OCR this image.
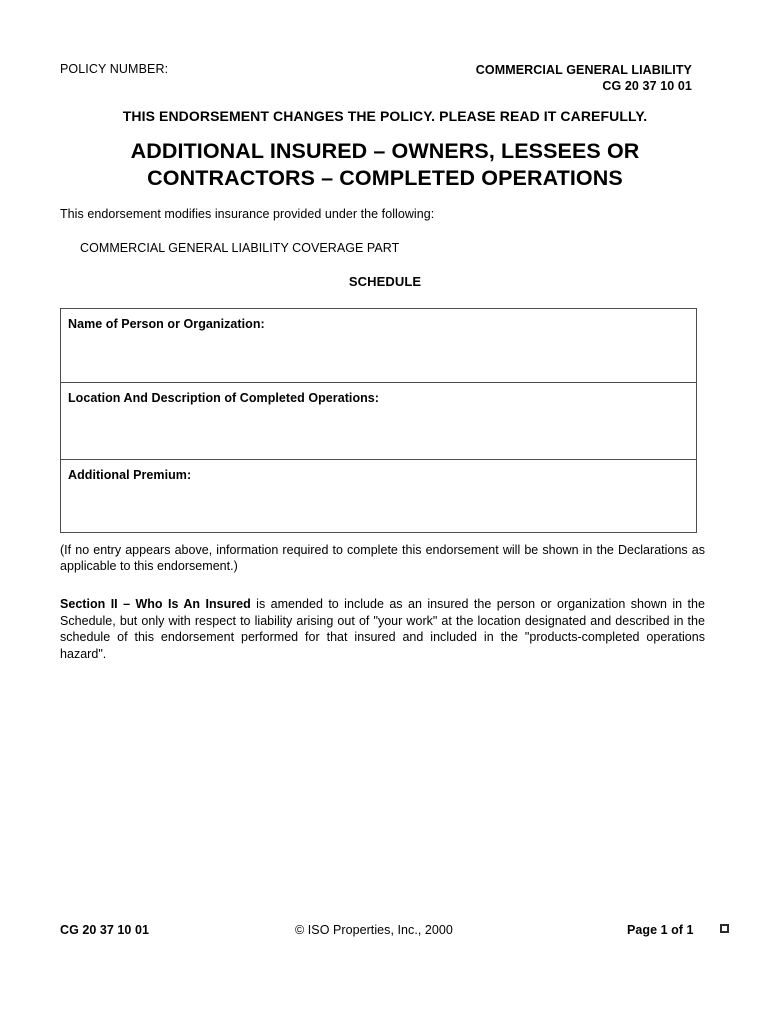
POLICY NUMBER:	COMMERCIAL GENERAL LIABILITY
CG 20 37 10 01
THIS ENDORSEMENT CHANGES THE POLICY. PLEASE READ IT CAREFULLY.
ADDITIONAL INSURED – OWNERS, LESSEES OR
CONTRACTORS – COMPLETED OPERATIONS
This endorsement modifies insurance provided under the following:
COMMERCIAL GENERAL LIABILITY COVERAGE PART
SCHEDULE
Name of Person or Organization:
Location And Description of Completed Operations:
Additional Premium:
(If no entry appears above, information required to complete this endorsement will be shown in the Declarations as applicable to this endorsement.)
Section II – Who Is An Insured is amended to include as an insured the person or organization shown in the Schedule, but only with respect to liability arising out of "your work" at the location designated and described in the schedule of this endorsement performed for that insured and included in the "products-completed operations hazard".
CG 20 37 10 01	© ISO Properties, Inc., 2000	Page 1 of 1
